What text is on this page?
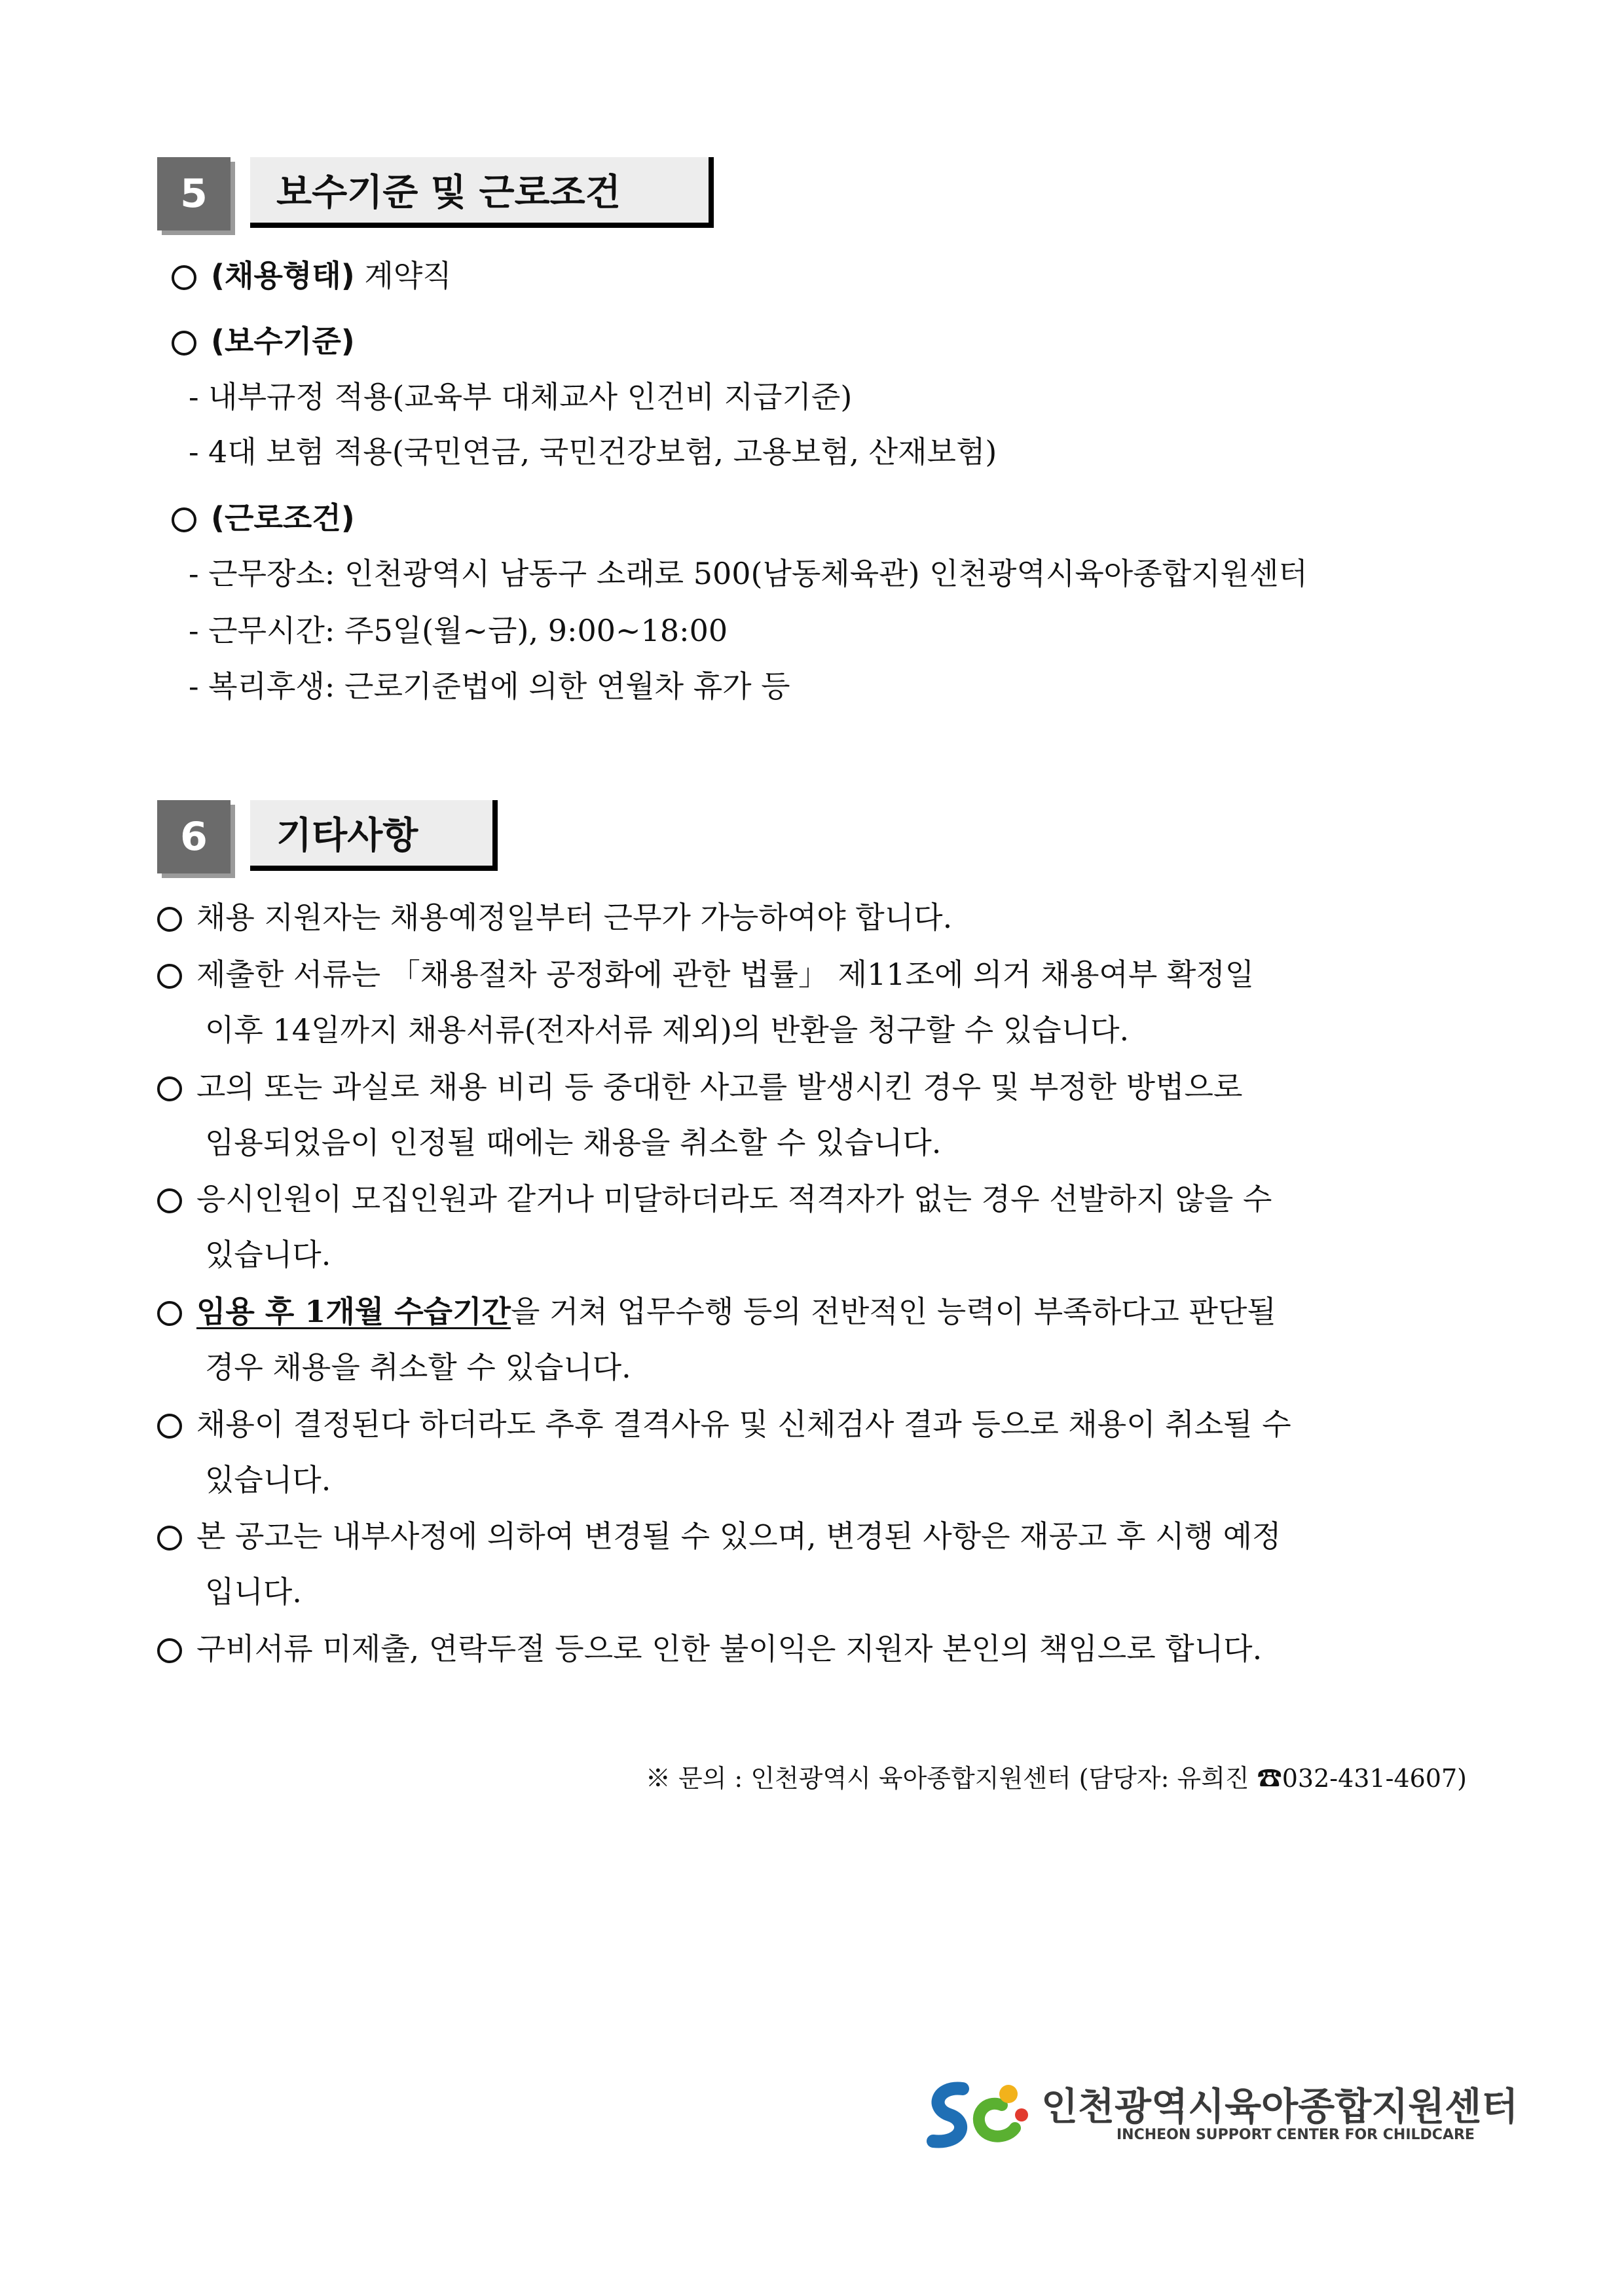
5	보수기준 및 근로조건
(채용형태) 계약직
(보수기준)
- 내부규정 적용(교육부 대체교사 인건비 지급기준)
- 4대 보험 적용(국민연금, 국민건강보험, 고용보험, 산재보험)
(근로조건)
- 근무장소: 인천광역시 남동구 소래로 500(남동체육관) 인천광역시육아종합지원센터
- 근무시간: 주5일(월~금), 9:00~18:00
- 복리후생: 근로기준법에 의한 연월차 휴가 등
6	기타사항
채용 지원자는 채용예정일부터 근무가 가능하여야 합니다.
제출한 서류는 「채용절차 공정화에 관한 법률」 제11조에 의거 채용여부 확정일
이후 14일까지 채용서류(전자서류 제외)의 반환을 청구할 수 있습니다.
고의 또는 과실로 채용 비리 등 중대한 사고를 발생시킨 경우 및 부정한 방법으로
임용되었음이 인정될 때에는 채용을 취소할 수 있습니다.
응시인원이 모집인원과 같거나 미달하더라도 적격자가 없는 경우 선발하지 않을 수
있습니다.
임용 후 1개월 수습기간을 거쳐 업무수행 등의 전반적인 능력이 부족하다고 판단될
경우 채용을 취소할 수 있습니다.
채용이 결정된다 하더라도 추후 결격사유 및 신체검사 결과 등으로 채용이 취소될 수
있습니다.
본 공고는 내부사정에 의하여 변경될 수 있으며, 변경된 사항은 재공고 후 시행 예정
입니다.
구비서류 미제출, 연락두절 등으로 인한 불이익은 지원자 본인의 책임으로 합니다.
※ 문의 : 인천광역시 육아종합지원센터 (담당자: 유희진 ☎032-431-4607)
인천광역시육아종합지원센터
INCHEON SUPPORT CENTER FOR CHILDCARE
